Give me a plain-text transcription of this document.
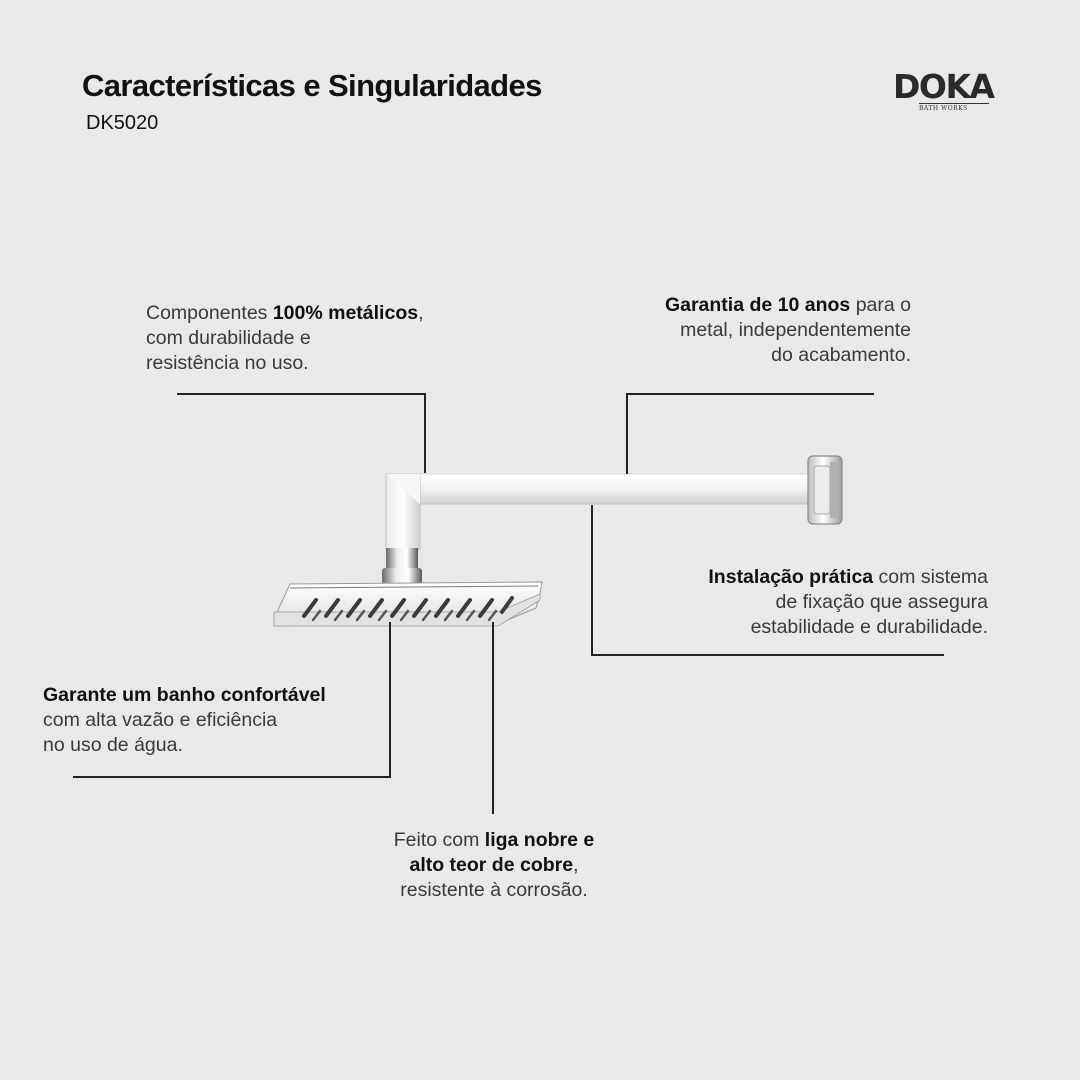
Características e Singularidades
DK5020
DOKA
BATH WORKS

Componentes 100% metálicos,
com durabilidade e
resistência no uso.

Garantia de 10 anos para o
metal, independentemente
do acabamento.

Instalação prática com sistema
de fixação que assegura
estabilidade e durabilidade.

Garante um banho confortável
com alta vazão e eficiência
no uso de água.

Feito com liga nobre e
alto teor de cobre,
resistente à corrosão.
